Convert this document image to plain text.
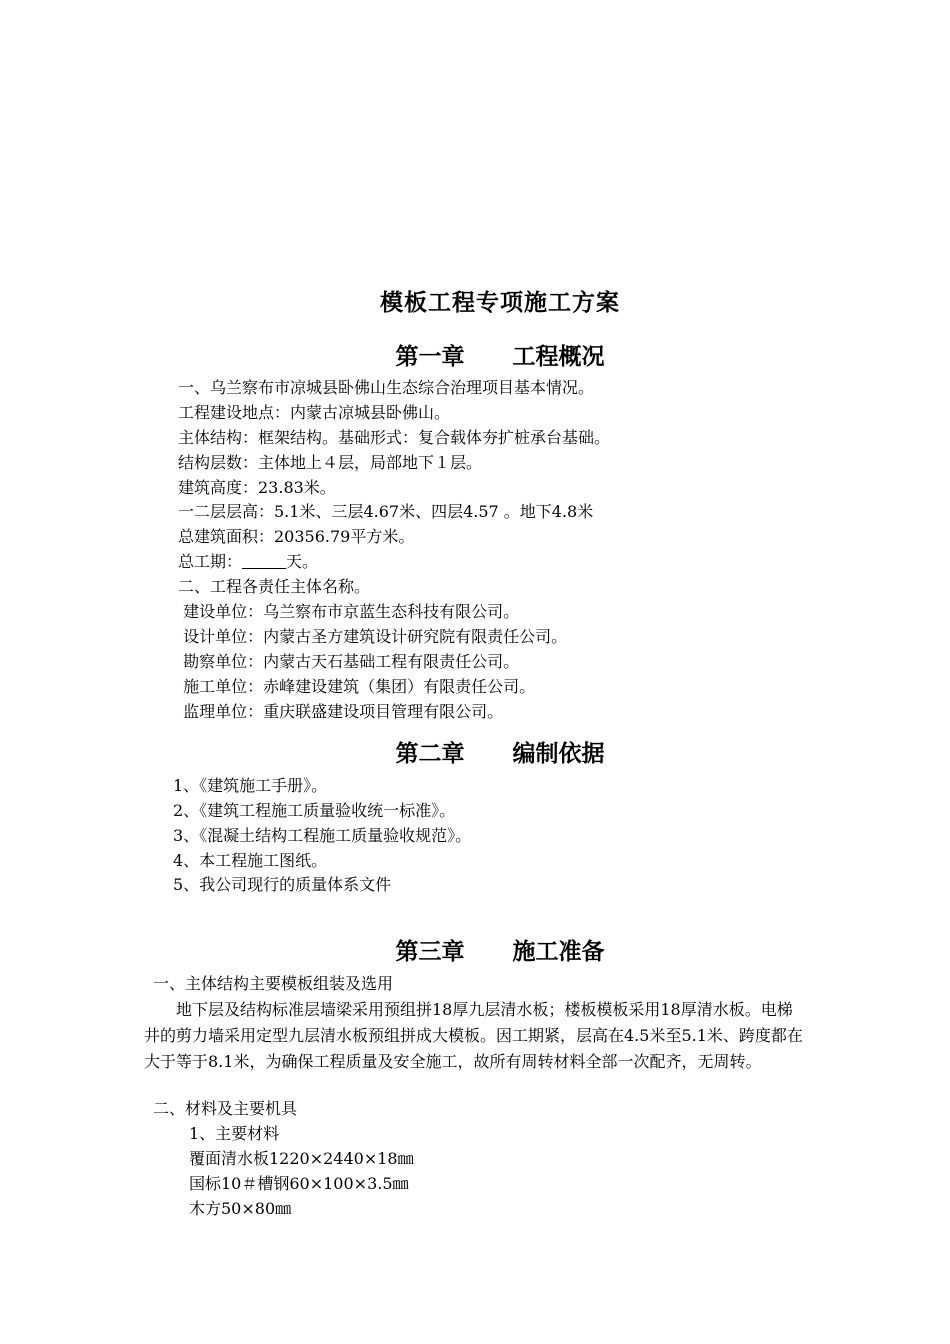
模板工程专项施工方案
第一章      工程概况
一、乌兰察布市凉城县卧佛山生态综合治理项目基本情况。
工程建设地点：内蒙古凉城县卧佛山。
主体结构：框架结构。基础形式：复合载体夯扩桩承台基础。
结构层数：主体地上４层，局部地下１层。
建筑高度：23.83米。
一二层层高：5.1米、三层4.67米、四层4.57 。地下4.8米
总建筑面积：20356.79平方米。
总工期：	天。
二、工程各责任主体名称。
建设单位：乌兰察布市京蓝生态科技有限公司。
设计单位：内蒙古圣方建筑设计研究院有限责任公司。
勘察单位：内蒙古天石基础工程有限责任公司。
施工单位：赤峰建设建筑（集团）有限责任公司。
监理单位：重庆联盛建设项目管理有限公司。
第二章      编制依据
1、《建筑施工手册》。
2、《建筑工程施工质量验收统一标准》。
3、《混凝土结构工程施工质量验收规范》。
4、本工程施工图纸。
5、我公司现行的质量体系文件
第三章      施工准备
一、主体结构主要模板组装及选用
　　地下层及结构标准层墙梁采用预组拼18厚九层清水板；楼板模板采用18厚清水板。电梯井的剪力墙采用定型九层清水板预组拼成大模板。因工期紧，层高在4.5米至5.1米、跨度都在大于等于8.1米，为确保工程质量及安全施工，故所有周转材料全部一次配齐，无周转。
二、材料及主要机具
1、主要材料
覆面清水板1220×2440×18㎜
国标10＃槽钢60×100×3.5㎜
木方50×80㎜
